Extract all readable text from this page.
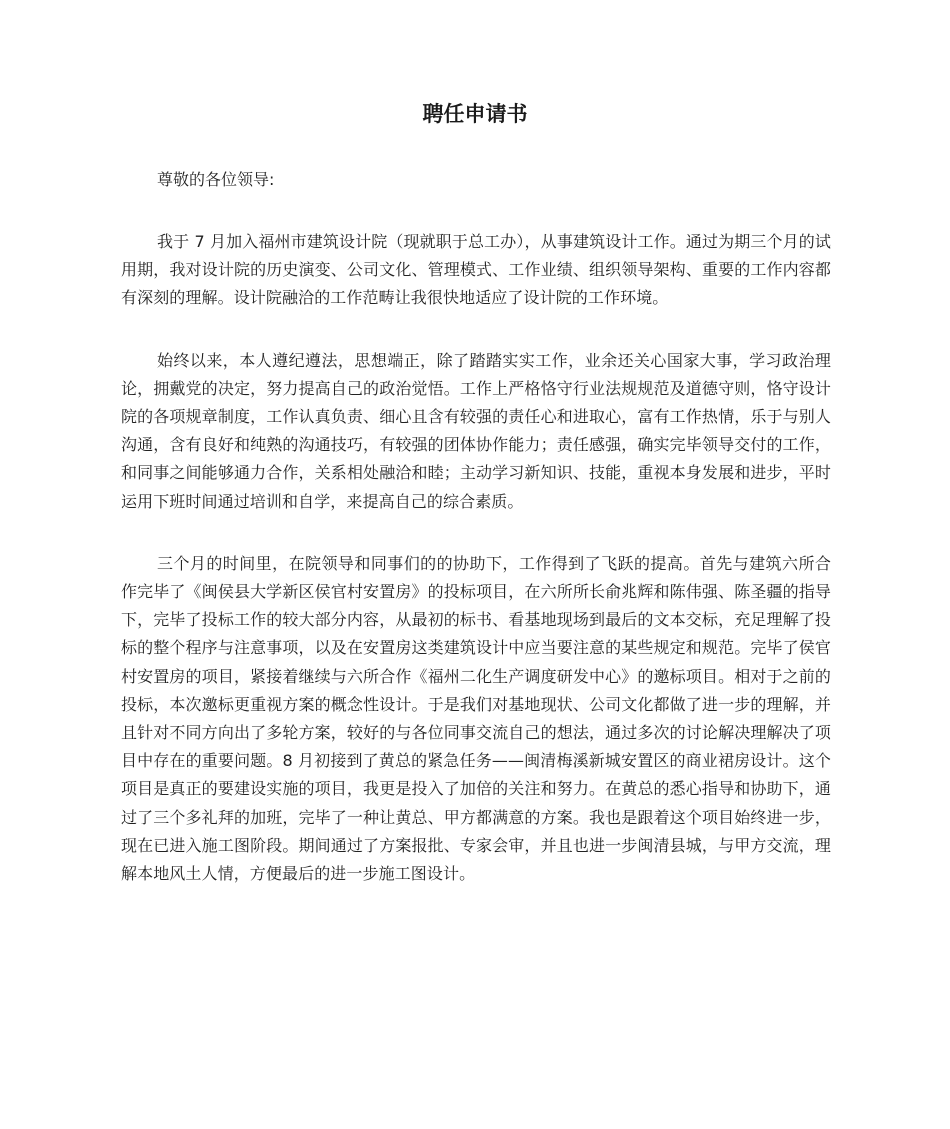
聘任申请书

尊敬的各位领导:

我于 7 月加入福州市建筑设计院（现就职于总工办），从事建筑设计工作。通过为期三个月的试用期，我对设计院的历史演变、公司文化、管理模式、工作业绩、组织领导架构、重要的工作内容都有深刻的理解。设计院融洽的工作范畴让我很快地适应了设计院的工作环境。

始终以来，本人遵纪遵法，思想端正，除了踏踏实实工作，业余还关心国家大事，学习政治理论，拥戴党的决定，努力提高自己的政治觉悟。工作上严格恪守行业法规规范及道德守则，恪守设计院的各项规章制度，工作认真负责、细心且含有较强的责任心和进取心，富有工作热情，乐于与别人沟通，含有良好和纯熟的沟通技巧，有较强的团体协作能力；责任感强，确实完毕领导交付的工作，和同事之间能够通力合作，关系相处融洽和睦；主动学习新知识、技能，重视本身发展和进步，平时运用下班时间通过培训和自学，来提高自己的综合素质。

三个月的时间里，在院领导和同事们的的协助下，工作得到了飞跃的提高。首先与建筑六所合作完毕了《闽侯县大学新区侯官村安置房》的投标项目，在六所所长俞兆辉和陈伟强、陈圣疆的指导下，完毕了投标工作的较大部分内容，从最初的标书、看基地现场到最后的文本交标，充足理解了投标的整个程序与注意事项，以及在安置房这类建筑设计中应当要注意的某些规定和规范。完毕了侯官村安置房的项目，紧接着继续与六所合作《福州二化生产调度研发中心》的邀标项目。相对于之前的投标，本次邀标更重视方案的概念性设计。于是我们对基地现状、公司文化都做了进一步的理解，并且针对不同方向出了多轮方案，较好的与各位同事交流自己的想法，通过多次的讨论解决理解决了项目中存在的重要问题。8 月初接到了黄总的紧急任务——闽清梅溪新城安置区的商业裙房设计。这个项目是真正的要建设实施的项目，我更是投入了加倍的关注和努力。在黄总的悉心指导和协助下，通过了三个多礼拜的加班，完毕了一种让黄总、甲方都满意的方案。我也是跟着这个项目始终进一步，现在已进入施工图阶段。期间通过了方案报批、专家会审，并且也进一步闽清县城，与甲方交流，理解本地风土人情，方便最后的进一步施工图设计。
